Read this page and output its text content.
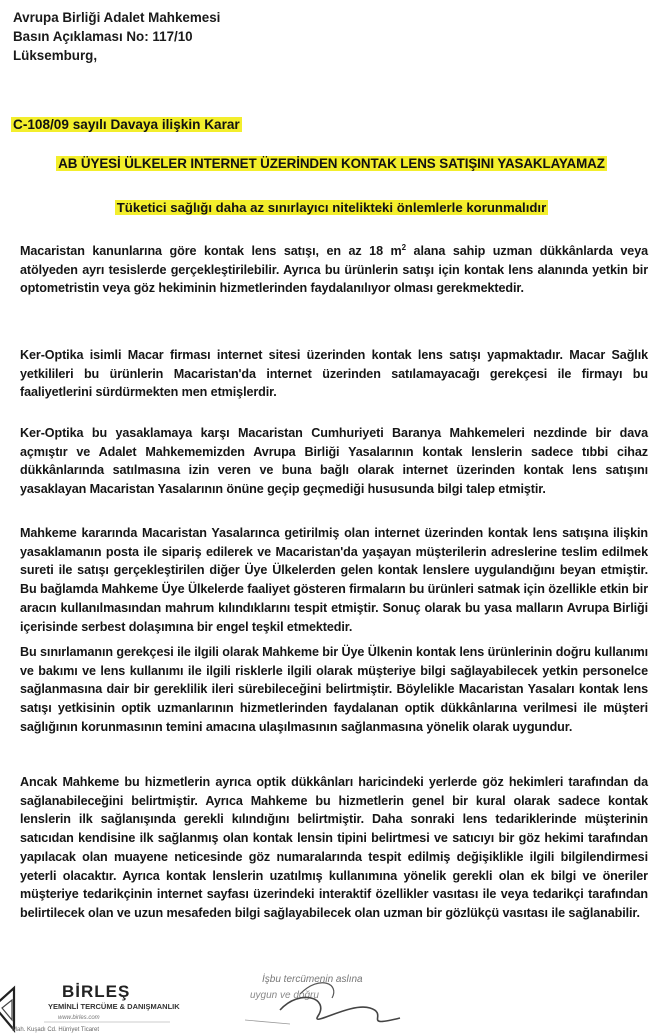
Avrupa Birliği Adalet Mahkemesi
Basın Açıklaması No: 117/10
Lüksemburg,
C-108/09 sayılı Davaya ilişkin Karar
AB ÜYESİ ÜLKELER INTERNET ÜZERİNDEN KONTAK LENS SATIŞINI YASAKLAYAMAZ
Tüketici sağlığı daha az sınırlayıcı nitelikteki önlemlerle korunmalıdır
Macaristan kanunlarına göre kontak lens satışı, en az 18 $m^2$ alana sahip uzman dükkânlarda veya atölyeden ayrı tesislerde gerçekleştirilebilir. Ayrıca bu ürünlerin satışı için kontak lens alanında yetkin bir optometristin veya göz hekiminin hizmetlerinden faydalanılıyor olması gerekmektedir.
Ker-Optika isimli Macar firması internet sitesi üzerinden kontak lens satışı yapmaktadır. Macar Sağlık yetkilileri bu ürünlerin Macaristan'da internet üzerinden satılamayacağı gerekçesi ile firmayı bu faaliyetlerini sürdürmekten men etmişlerdir.
Ker-Optika bu yasaklamaya karşı Macaristan Cumhuriyeti Baranya Mahkemeleri nezdinde bir dava açmıştır ve Adalet Mahkememizden Avrupa Birliği Yasalarının kontak lenslerin sadece tıbbi cihaz dükkânlarında satılmasına izin veren ve buna bağlı olarak internet üzerinden kontak lens satışını yasaklayan Macaristan Yasalarının önüne geçip geçmediği hususunda bilgi talep etmiştir.
Mahkeme kararında Macaristan Yasalarınca getirilmiş olan internet üzerinden kontak lens satışına ilişkin yasaklamanın posta ile sipariş edilerek ve Macaristan'da yaşayan müşterilerin adreslerine teslim edilmek sureti ile satışı gerçekleştirilen diğer Üye Ülkelerden gelen kontak lenslere uygulandığını beyan etmiştir. Bu bağlamda Mahkeme Üye Ülkelerde faaliyet gösteren firmaların bu ürünleri satmak için özellikle etkin bir aracın kullanılmasından mahrum kılındıklarını tespit etmiştir. Sonuç olarak bu yasa malların Avrupa Birliği içerisinde serbest dolaşımına bir engel teşkil etmektedir.
Bu sınırlamanın gerekçesi ile ilgili olarak Mahkeme bir Üye Ülkenin kontak lens ürünlerinin doğru kullanımı ve bakımı ve lens kullanımı ile ilgili risklerle ilgili olarak müşteriye bilgi sağlayabilecek yetkin personelce sağlanmasına dair bir gereklilik ileri sürebileceğini belirtmiştir. Böylelikle Macaristan Yasaları kontak lens satışı yetkisinin optik uzmanlarının hizmetlerinden faydalanan optik dükkânlarına verilmesi ile müşteri sağlığının korunmasının temini amacına ulaşılmasının sağlanmasına yönelik olarak uygundur.
Ancak Mahkeme bu hizmetlerin ayrıca optik dükkânları haricindeki yerlerde göz hekimleri tarafından da sağlanabileceğini belirtmiştir. Ayrıca Mahkeme bu hizmetlerin genel bir kural olarak sadece kontak lenslerin ilk sağlanışında gerekli kılındığını belirtmiştir. Daha sonraki lens tedariklerinde müşterinin satıcıdan kendisine ilk sağlanmış olan kontak lensin tipini belirtmesi ve satıcıyı bir göz hekimi tarafından yapılacak olan muayene neticesinde göz numaralarında tespit edilmiş değişiklikle ilgili bilgilendirmesi yeterli olacaktır. Ayrıca kontak lenslerin uzatılmış kullanımına yönelik gerekli olan ek bilgi ve öneriler müşteriye tedarikçinin internet sayfası üzerindeki interaktif özellikler vasıtası ile veya tedarikçi tarafından belirtilecek olan ve uzun mesafeden bilgi sağlayabilecek olan uzman bir gözlükçü vasıtası ile sağlanabilir.
BİRLEŞ
YEMİNLİ TERCÜME & DANIŞMANLIK
www.birles.com
Mah. Kuşadı Cd. Hürriyet Ticaret
İşbu tercümenin aslına
uygun ve doğru
